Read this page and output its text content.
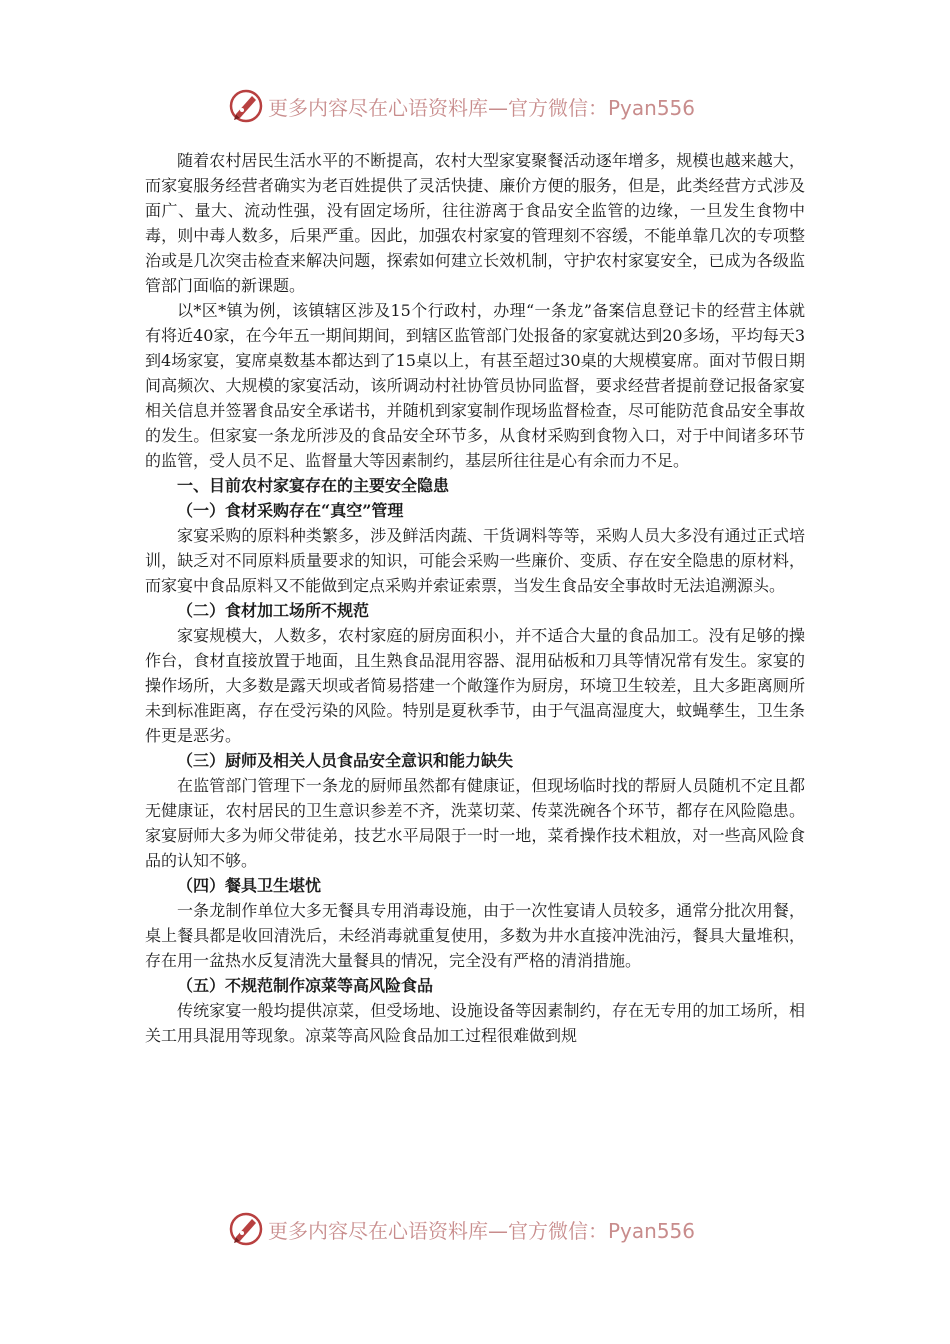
更多内容尽在心语资料库—官方微信：Pyan556

随着农村居民生活水平的不断提高，农村大型家宴聚餐活动逐年增多，规模也越来越大，而家宴服务经营者确实为老百姓提供了灵活快捷、廉价方便的服务，但是，此类经营方式涉及面广、量大、流动性强，没有固定场所，往往游离于食品安全监管的边缘，一旦发生食物中毒，则中毒人数多，后果严重。因此，加强农村家宴的管理刻不容缓，不能单靠几次的专项整治或是几次突击检查来解决问题，探索如何建立长效机制，守护农村家宴安全，已成为各级监管部门面临的新课题。

以*区*镇为例，该镇辖区涉及15个行政村，办理“一条龙”备案信息登记卡的经营主体就有将近40家，在今年五一期间期间，到辖区监管部门处报备的家宴就达到20多场，平均每天3到4场家宴，宴席桌数基本都达到了15桌以上，有甚至超过30桌的大规模宴席。面对节假日期间高频次、大规模的家宴活动，该所调动村社协管员协同监督，要求经营者提前登记报备家宴相关信息并签署食品安全承诺书，并随机到家宴制作现场监督检查，尽可能防范食品安全事故的发生。但家宴一条龙所涉及的食品安全环节多，从食材采购到食物入口，对于中间诸多环节的监管，受人员不足、监督量大等因素制约，基层所往往是心有余而力不足。

一、目前农村家宴存在的主要安全隐患
（一）食材采购存在“真空”管理

家宴采购的原料种类繁多，涉及鲜活肉蔬、干货调料等等，采购人员大多没有通过正式培训，缺乏对不同原料质量要求的知识，可能会采购一些廉价、变质、存在安全隐患的原材料，而家宴中食品原料又不能做到定点采购并索证索票，当发生食品安全事故时无法追溯源头。

（二）食材加工场所不规范

家宴规模大，人数多，农村家庭的厨房面积小，并不适合大量的食品加工。没有足够的操作台，食材直接放置于地面，且生熟食品混用容器、混用砧板和刀具等情况常有发生。家宴的操作场所，大多数是露天坝或者简易搭建一个敞篷作为厨房，环境卫生较差，且大多距离厕所未到标准距离，存在受污染的风险。特别是夏秋季节，由于气温高湿度大，蚊蝇孳生，卫生条件更是恶劣。

（三）厨师及相关人员食品安全意识和能力缺失

在监管部门管理下一条龙的厨师虽然都有健康证，但现场临时找的帮厨人员随机不定且都无健康证，农村居民的卫生意识参差不齐，洗菜切菜、传菜洗碗各个环节，都存在风险隐患。家宴厨师大多为师父带徒弟，技艺水平局限于一时一地，菜肴操作技术粗放，对一些高风险食品的认知不够。

（四）餐具卫生堪忧

一条龙制作单位大多无餐具专用消毒设施，由于一次性宴请人员较多，通常分批次用餐，桌上餐具都是收回清洗后，未经消毒就重复使用，多数为井水直接冲洗油污，餐具大量堆积，存在用一盆热水反复清洗大量餐具的情况，完全没有严格的清消措施。

（五）不规范制作凉菜等高风险食品

传统家宴一般均提供凉菜，但受场地、设施设备等因素制约，存在无专用的加工场所，相关工用具混用等现象。凉菜等高风险食品加工过程很难做到规

更多内容尽在心语资料库—官方微信：Pyan556
